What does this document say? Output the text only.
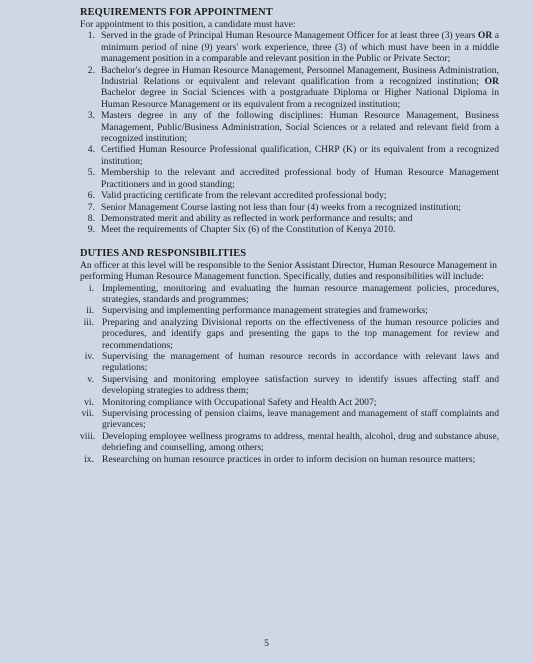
REQUIREMENTS FOR APPOINTMENT

For appointment to this position, a candidate must have:

1. Served in the grade of Principal Human Resource Management Officer for at least three (3) years OR a minimum period of nine (9) years' work experience, three (3) of which must have been in a middle management position in a comparable and relevant position in the Public or Private Sector;
2. Bachelor's degree in Human Resource Management, Personnel Management, Business Administration, Industrial Relations or equivalent and relevant qualification from a recognized institution; OR Bachelor degree in Social Sciences with a postgraduate Diploma or Higher National Diploma in Human Resource Management or its equivalent from a recognized institution;
3. Masters degree in any of the following disciplines: Human Resource Management, Business Management, Public/Business Administration, Social Sciences or a related and relevant field from a recognized institution;
4. Certified Human Resource Professional qualification, CHRP (K) or its equivalent from a recognized institution;
5. Membership to the relevant and accredited professional body of Human Resource Management Practitioners and in good standing;
6. Valid practicing certificate from the relevant accredited professional body;
7. Senior Management Course lasting not less than four (4) weeks from a recognized institution;
8. Demonstrated merit and ability as reflected in work performance and results; and
9. Meet the requirements of Chapter Six (6) of the Constitution of Kenya 2010.
DUTIES AND RESPONSIBILITIES

An officer at this level will be responsible to the Senior Assistant Director, Human Resource Management in performing Human Resource Management function. Specifically, duties and responsibilities will include:

i. Implementing, monitoring and evaluating the human resource management policies, procedures, strategies, standards and programmes;
ii. Supervising and implementing performance management strategies and frameworks;
iii. Preparing and analyzing Divisional reports on the effectiveness of the human resource policies and procedures, and identify gaps and presenting the gaps to the top management for review and recommendations;
iv. Supervising the management of human resource records in accordance with relevant laws and regulations;
v. Supervising and monitoring employee satisfaction survey to identify issues affecting staff and developing strategies to address them;
vi. Monitoring compliance with Occupational Safety and Health Act 2007;
vii. Supervising processing of pension claims, leave management and management of staff complaints and grievances;
viii. Developing employee wellness programs to address, mental health, alcohol, drug and substance abuse, debriefing and counselling, among others;
ix. Researching on human resource practices in order to inform decision on human resource matters;
5
